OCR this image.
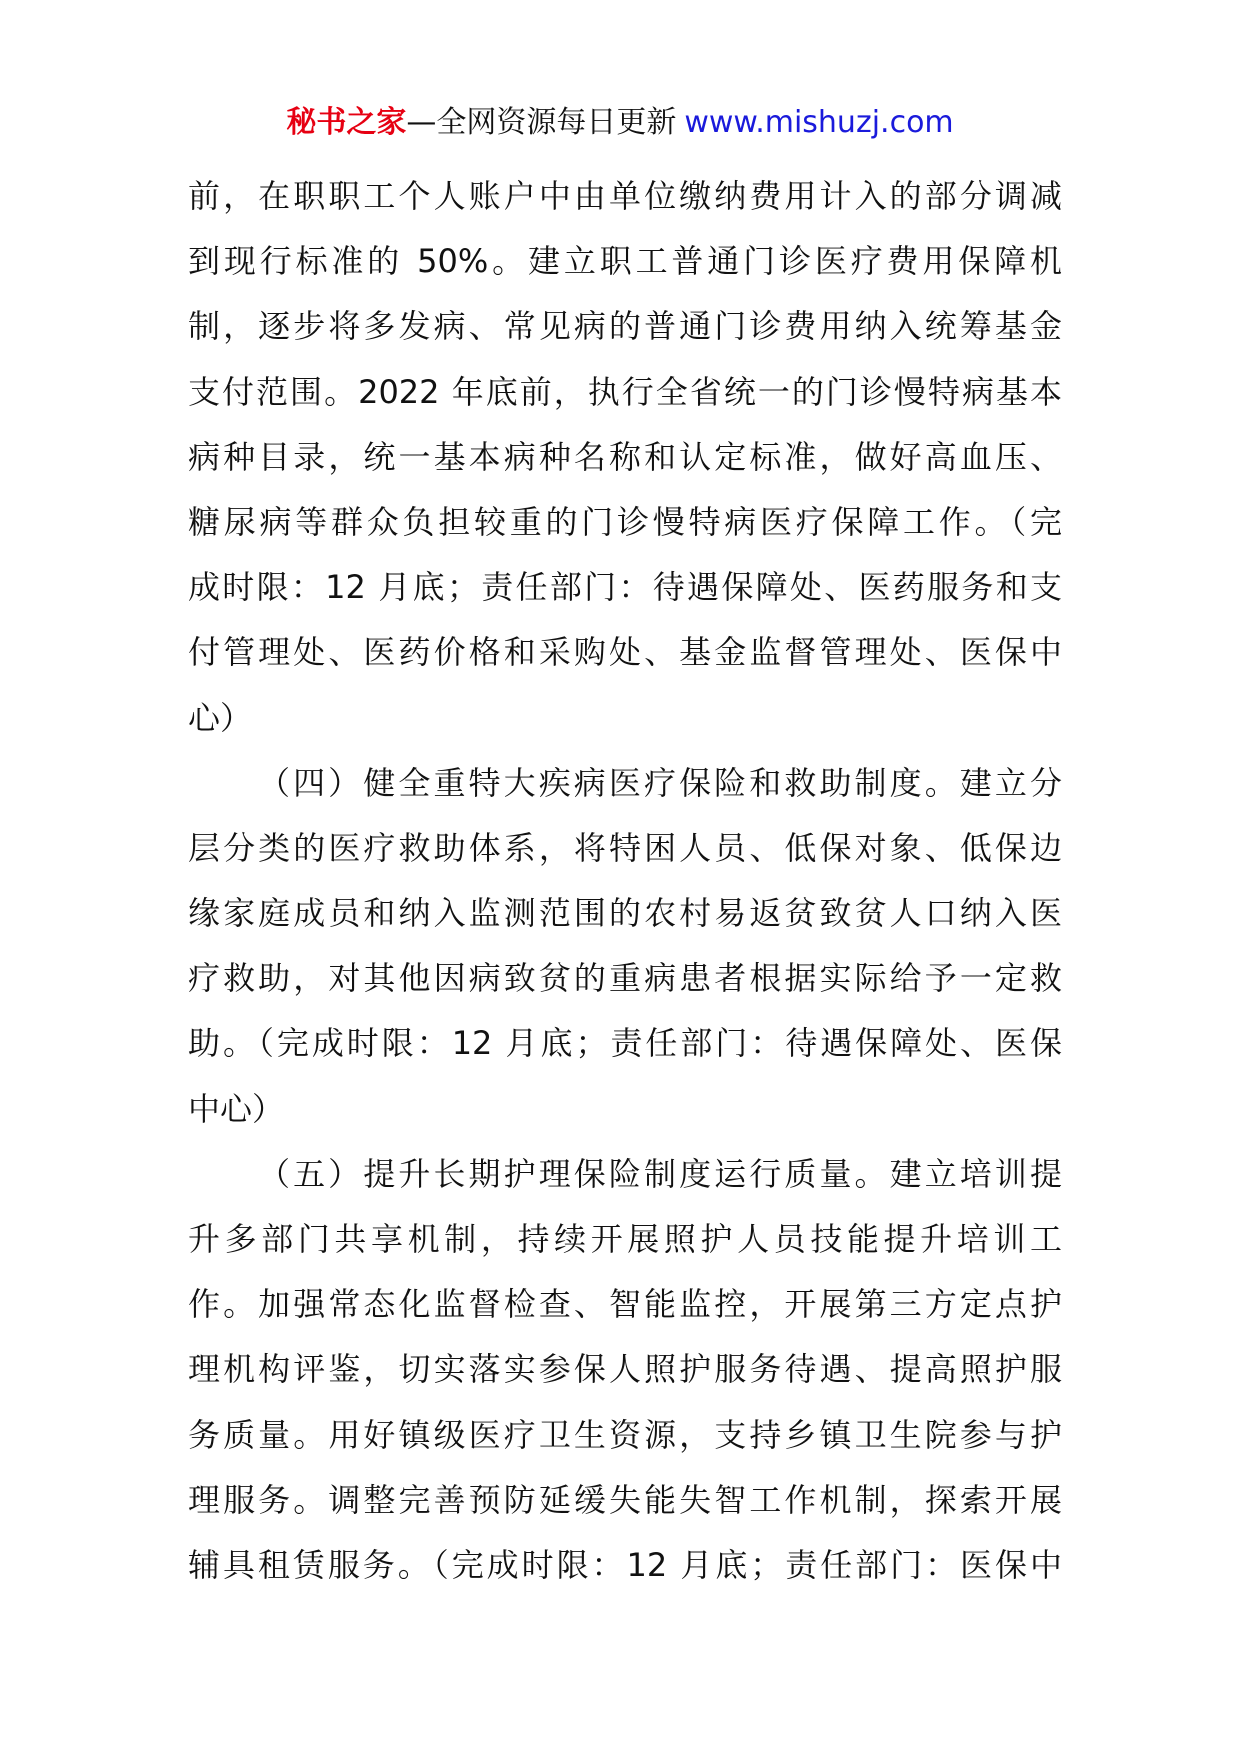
秘书之家—全网资源每日更新 www.mishuzj.com
前，在职职工个人账户中由单位缴纳费用计入的部分调减
到现行标准的 50%。建立职工普通门诊医疗费用保障机
制，逐步将多发病、常见病的普通门诊费用纳入统筹基金
支付范围。2022 年底前，执行全省统一的门诊慢特病基本
病种目录，统一基本病种名称和认定标准，做好高血压、
糖尿病等群众负担较重的门诊慢特病医疗保障工作。（完
成时限：12 月底；责任部门：待遇保障处、医药服务和支
付管理处、医药价格和采购处、基金监督管理处、医保中
心）
（四）健全重特大疾病医疗保险和救助制度。建立分
层分类的医疗救助体系，将特困人员、低保对象、低保边
缘家庭成员和纳入监测范围的农村易返贫致贫人口纳入医
疗救助，对其他因病致贫的重病患者根据实际给予一定救
助。（完成时限：12 月底；责任部门：待遇保障处、医保
中心）
（五）提升长期护理保险制度运行质量。建立培训提
升多部门共享机制，持续开展照护人员技能提升培训工
作。加强常态化监督检查、智能监控，开展第三方定点护
理机构评鉴，切实落实参保人照护服务待遇、提高照护服
务质量。用好镇级医疗卫生资源，支持乡镇卫生院参与护
理服务。调整完善预防延缓失能失智工作机制，探索开展
辅具租赁服务。（完成时限：12 月底；责任部门：医保中
